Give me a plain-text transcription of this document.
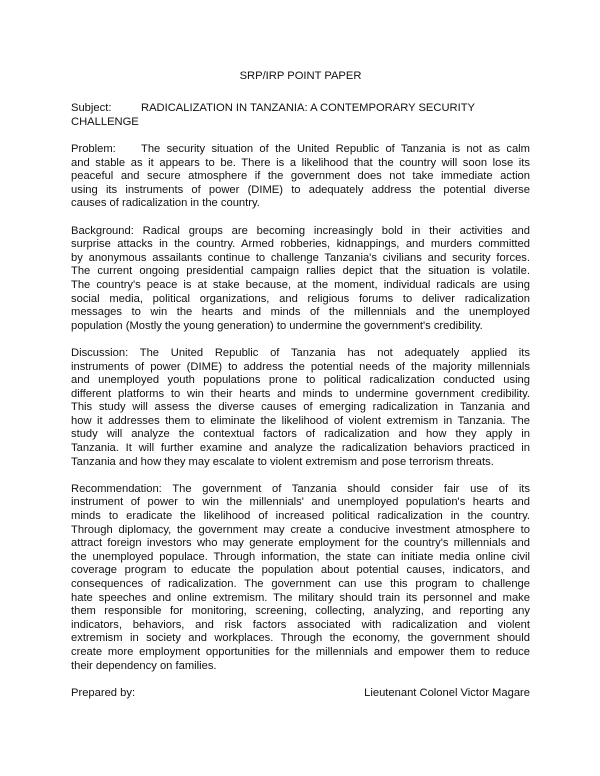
SRP/IRP POINT PAPER
Subject:	RADICALIZATION IN TANZANIA: A CONTEMPORARY SECURITY
CHALLENGE
Problem: The security situation of the United Republic of Tanzania is not as calm
and stable as it appears to be. There is a likelihood that the country will soon lose its
peaceful and secure atmosphere if the government does not take immediate action
using its instruments of power (DIME) to adequately address the potential diverse
causes of radicalization in the country.
Background: Radical groups are becoming increasingly bold in their activities and
surprise attacks in the country. Armed robberies, kidnappings, and murders committed
by anonymous assailants continue to challenge Tanzania's civilians and security forces.
The current ongoing presidential campaign rallies depict that the situation is volatile.
The country's peace is at stake because, at the moment, individual radicals are using
social media, political organizations, and religious forums to deliver radicalization
messages to win the hearts and minds of the millennials and the unemployed
population (Mostly the young generation) to undermine the government's credibility.
Discussion: The United Republic of Tanzania has not adequately applied its
instruments of power (DIME) to address the potential needs of the majority millennials
and unemployed youth populations prone to political radicalization conducted using
different platforms to win their hearts and minds to undermine government credibility.
This study will assess the diverse causes of emerging radicalization in Tanzania and
how it addresses them to eliminate the likelihood of violent extremism in Tanzania. The
study will analyze the contextual factors of radicalization and how they apply in
Tanzania. It will further examine and analyze the radicalization behaviors practiced in
Tanzania and how they may escalate to violent extremism and pose terrorism threats.
Recommendation: The government of Tanzania should consider fair use of its
instrument of power to win the millennials' and unemployed population's hearts and
minds to eradicate the likelihood of increased political radicalization in the country.
Through diplomacy, the government may create a conducive investment atmosphere to
attract foreign investors who may generate employment for the country's millennials and
the unemployed populace. Through information, the state can initiate media online civil
coverage program to educate the population about potential causes, indicators, and
consequences of radicalization. The government can use this program to challenge
hate speeches and online extremism. The military should train its personnel and make
them responsible for monitoring, screening, collecting, analyzing, and reporting any
indicators, behaviors, and risk factors associated with radicalization and violent
extremism in society and workplaces. Through the economy, the government should
create more employment opportunities for the millennials and empower them to reduce
their dependency on families.
Prepared by:	Lieutenant Colonel Victor Magare
